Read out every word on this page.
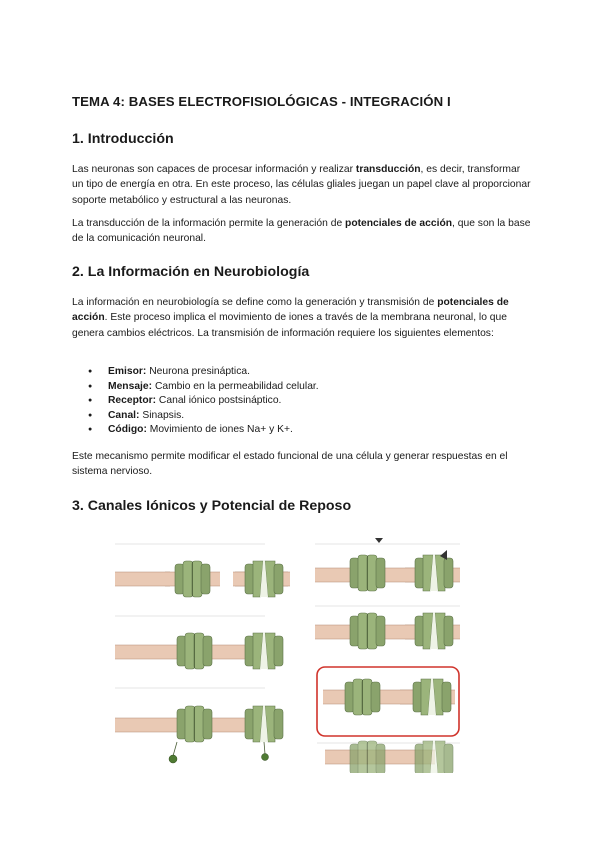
TEMA 4: BASES ELECTROFISIOLÓGICAS - INTEGRACIÓN I
1. Introducción

Las neuronas son capaces de procesar información y realizar transducción, es decir, transformar un tipo de energía en otra. En este proceso, las células gliales juegan un papel clave al proporcionar soporte metabólico y estructural a las neuronas.

La transducción de la información permite la generación de potenciales de acción, que son la base de la comunicación neuronal.

2. La Información en Neurobiología

La información en neurobiología se define como la generación y transmisión de potenciales de acción. Este proceso implica el movimiento de iones a través de la membrana neuronal, lo que genera cambios eléctricos. La transmisión de información requiere los siguientes elementos:

● Emisor: Neurona presináptica.
● Mensaje: Cambio en la permeabilidad celular.
● Receptor: Canal iónico postsináptico.
● Canal: Sinapsis.
● Código: Movimiento de iones Na+ y K+.

Este mecanismo permite modificar el estado funcional de una célula y generar respuestas en el sistema nervioso.

3. Canales Iónicos y Potencial de Reposo
